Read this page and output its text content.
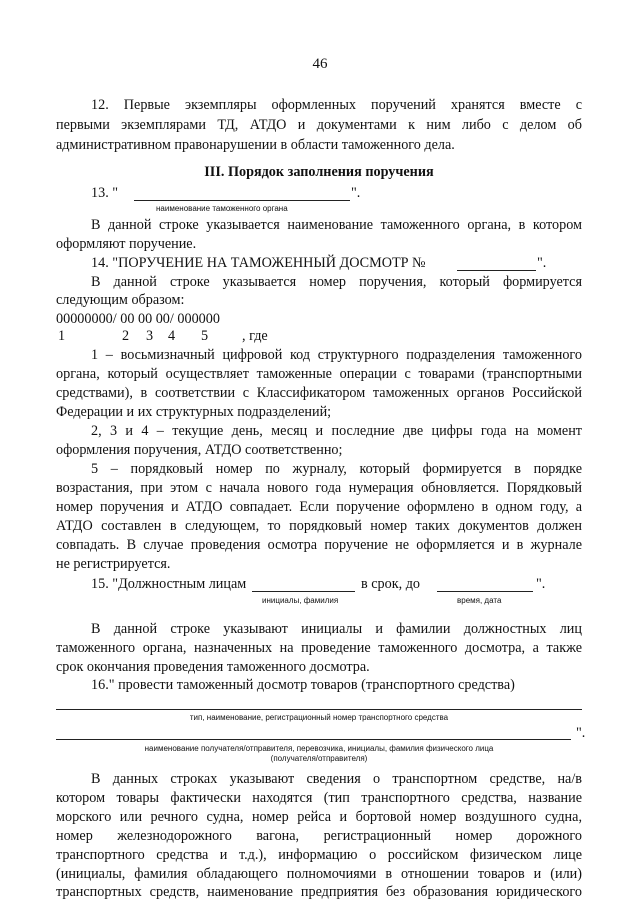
46
12. Первые экземпляры оформленных поручений хранятся вместе с
первыми экземплярами ТД, АТДО и документами к ним либо с делом об
административном правонарушении в области таможенного дела.
III. Порядок заполнения поручения
13. "	".
наименование таможенного органа
В данной строке указывается наименование таможенного органа, в котором
оформляют поручение.
14. "ПОРУЧЕНИЕ НА ТАМОЖЕННЫЙ ДОСМОТР №	".
В данной строке указывается номер поручения, который формируется
следующим образом:
00000000/ 00 00 00/ 000000
1	2 3 4 5 , где
1 – восьмизначный цифровой код структурного подразделения таможенного
органа, который осуществляет таможенные операции с товарами (транспортными
средствами), в соответствии с Классификатором таможенных органов Российской
Федерации и их структурных подразделений;
2, 3 и 4 – текущие день, месяц и последние две цифры года на момент
оформления поручения, АТДО соответственно;
5 – порядковый номер по журналу, который формируется в порядке
возрастания, при этом с начала нового года нумерация обновляется. Порядковый
номер поручения и АТДО совпадает. Если поручение оформлено в одном году, а
АТДО составлен в следующем, то порядковый номер таких документов должен
совпадать. В случае проведения осмотра поручение не оформляется и в журнале
не регистрируется.
15. "Должностным лицам	в срок, до	".
инициалы, фамилия	время, дата
В данной строке указывают инициалы и фамилии должностных лиц
таможенного органа, назначенных на проведение таможенного досмотра, а также
срок окончания проведения таможенного досмотра.
16." провести таможенный досмотр товаров (транспортного средства)
тип, наименование, регистрационный номер транспортного средства
".
наименование получателя/отправителя, перевозчика, инициалы, фамилия физического лица
(получателя/отправителя)
В данных строках указывают сведения о транспортном средстве, на/в
котором товары фактически находятся (тип транспортного средства, название
морского или речного судна, номер рейса и бортовой номер воздушного судна,
номер железнодорожного вагона, регистрационный номер дорожного
транспортного средства и т.д.), информацию о российском физическом лице
(инициалы, фамилия обладающего полномочиями в отношении товаров и (или)
транспортных средств, наименование предприятия без образования юридического
